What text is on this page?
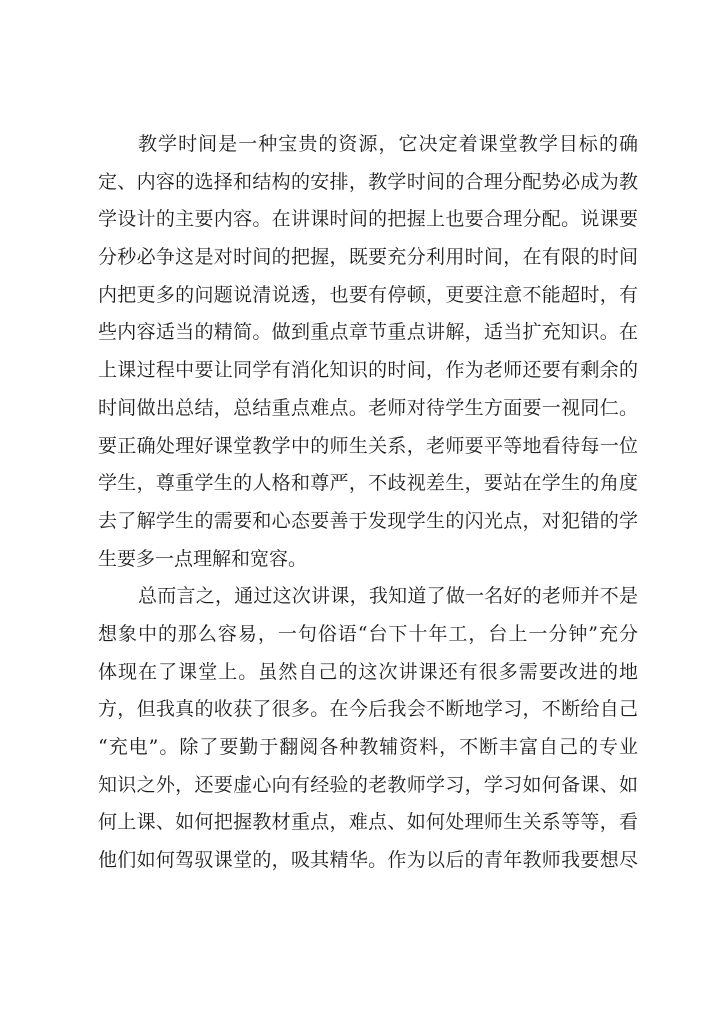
教学时间是一种宝贵的资源，它决定着课堂教学目标的确
定、内容的选择和结构的安排，教学时间的合理分配势必成为教
学设计的主要内容。在讲课时间的把握上也要合理分配。说课要
分秒必争这是对时间的把握，既要充分利用时间，在有限的时间
内把更多的问题说清说透，也要有停顿，更要注意不能超时，有
些内容适当的精简。做到重点章节重点讲解，适当扩充知识。在
上课过程中要让同学有消化知识的时间，作为老师还要有剩余的
时间做出总结，总结重点难点。老师对待学生方面要一视同仁。
要正确处理好课堂教学中的师生关系，老师要平等地看待每一位
学生，尊重学生的人格和尊严，不歧视差生，要站在学生的角度
去了解学生的需要和心态要善于发现学生的闪光点，对犯错的学
生要多一点理解和宽容。
总而言之，通过这次讲课，我知道了做一名好的老师并不是
想象中的那么容易，一句俗语“台下十年工，台上一分钟”充分
体现在了课堂上。虽然自己的这次讲课还有很多需要改进的地
方，但我真的收获了很多。在今后我会不断地学习，不断给自己
“充电”。除了要勤于翻阅各种教辅资料，不断丰富自己的专业
知识之外，还要虚心向有经验的老教师学习，学习如何备课、如
何上课、如何把握教材重点，难点、如何处理师生关系等等，看
他们如何驾驭课堂的，吸其精华。作为以后的青年教师我要想尽
